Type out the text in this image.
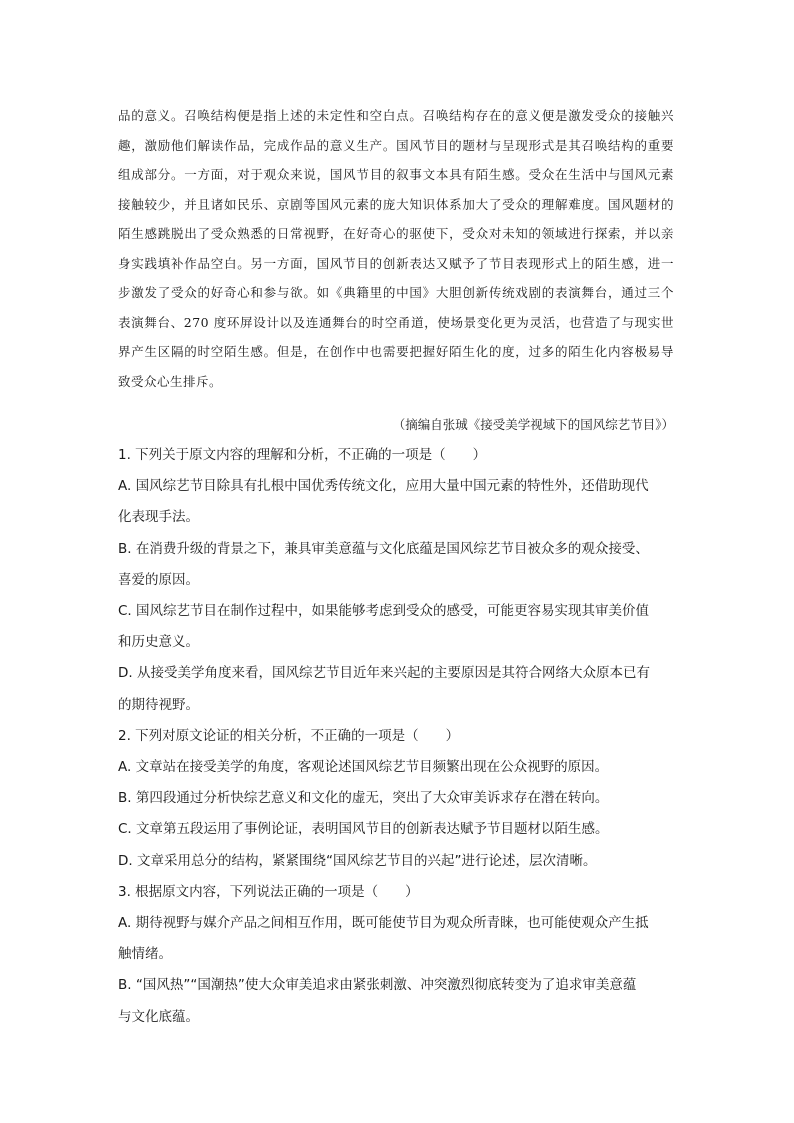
品的意义。召唤结构便是指上述的未定性和空白点。召唤结构存在的意义便是激发受众的接触兴趣，激励他们解读作品，完成作品的意义生产。国风节目的题材与呈现形式是其召唤结构的重要组成部分。一方面，对于观众来说，国风节目的叙事文本具有陌生感。受众在生活中与国风元素接触较少，并且诸如民乐、京剧等国风元素的庞大知识体系加大了受众的理解难度。国风题材的陌生感跳脱出了受众熟悉的日常视野，在好奇心的驱使下，受众对未知的领域进行探索，并以亲身实践填补作品空白。另一方面，国风节目的创新表达又赋予了节目表现形式上的陌生感，进一步激发了受众的好奇心和参与欲。如《典籍里的中国》大胆创新传统戏剧的表演舞台，通过三个表演舞台、270 度环屏设计以及连通舞台的时空甬道，使场景变化更为灵活，也营造了与现实世界产生区隔的时空陌生感。但是，在创作中也需要把握好陌生化的度，过多的陌生化内容极易导致受众心生排斥。
（摘编自张珹《接受美学视域下的国风综艺节目》）
1. 下列关于原文内容的理解和分析，不正确的一项是（　　）
A. 国风综艺节目除具有扎根中国优秀传统文化，应用大量中国元素的特性外，还借助现代
化表现手法。
B. 在消费升级的背景之下，兼具审美意蕴与文化底蕴是国风综艺节目被众多的观众接受、
喜爱的原因。
C. 国风综艺节目在制作过程中，如果能够考虑到受众的感受，可能更容易实现其审美价值
和历史意义。
D. 从接受美学角度来看，国风综艺节目近年来兴起的主要原因是其符合网络大众原本已有
的期待视野。
2. 下列对原文论证的相关分析，不正确的一项是（　　）
A. 文章站在接受美学的角度，客观论述国风综艺节目频繁出现在公众视野的原因。
B. 第四段通过分析快综艺意义和文化的虚无，突出了大众审美诉求存在潜在转向。
C. 文章第五段运用了事例论证，表明国风节目的创新表达赋予节目题材以陌生感。
D. 文章采用总分的结构，紧紧围绕“国风综艺节目的兴起”进行论述，层次清晰。
3. 根据原文内容，下列说法正确的一项是（　　）
A. 期待视野与媒介产品之间相互作用，既可能使节目为观众所青睐，也可能使观众产生抵
触情绪。
B. “国风热”“国潮热”使大众审美追求由紧张刺激、冲突激烈彻底转变为了追求审美意蕴
与文化底蕴。
